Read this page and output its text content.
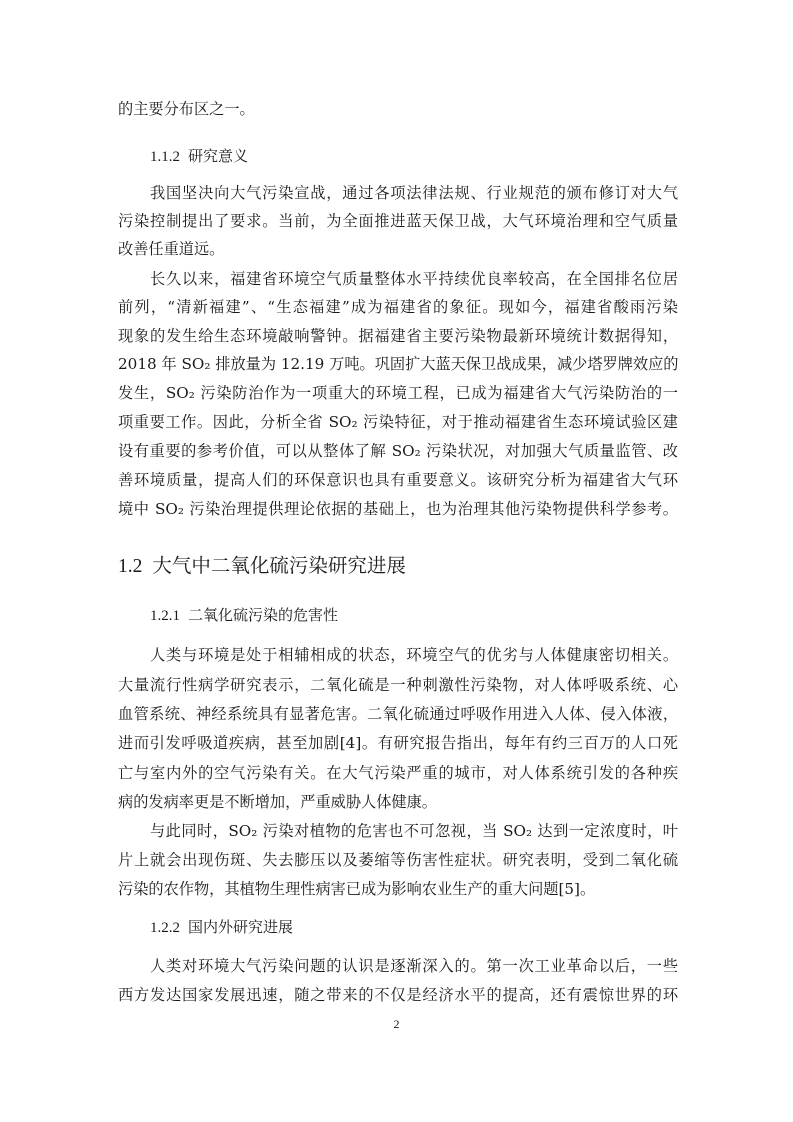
的主要分布区之一。
1.1.2 研究意义
我国坚决向大气污染宣战，通过各项法律法规、行业规范的颁布修订对大气
污染控制提出了要求。当前，为全面推进蓝天保卫战，大气环境治理和空气质量
改善任重道远。
长久以来，福建省环境空气质量整体水平持续优良率较高，在全国排名位居
前列，“清新福建”、“生态福建”成为福建省的象征。现如今，福建省酸雨污染
现象的发生给生态环境敲响警钟。据福建省主要污染物最新环境统计数据得知，
2018 年 SO₂ 排放量为 12.19 万吨。巩固扩大蓝天保卫战成果，减少塔罗牌效应的
发生，SO₂ 污染防治作为一项重大的环境工程，已成为福建省大气污染防治的一
项重要工作。因此，分析全省 SO₂ 污染特征，对于推动福建省生态环境试验区建
设有重要的参考价值，可以从整体了解 SO₂ 污染状况，对加强大气质量监管、改
善环境质量，提高人们的环保意识也具有重要意义。该研究分析为福建省大气环
境中 SO₂ 污染治理提供理论依据的基础上，也为治理其他污染物提供科学参考。
1.2 大气中二氧化硫污染研究进展
1.2.1 二氧化硫污染的危害性
人类与环境是处于相辅相成的状态，环境空气的优劣与人体健康密切相关。
大量流行性病学研究表示，二氧化硫是一种刺激性污染物，对人体呼吸系统、心
血管系统、神经系统具有显著危害。二氧化硫通过呼吸作用进入人体、侵入体液，
进而引发呼吸道疾病，甚至加剧[4]。有研究报告指出，每年有约三百万的人口死
亡与室内外的空气污染有关。在大气污染严重的城市，对人体系统引发的各种疾
病的发病率更是不断增加，严重威胁人体健康。
与此同时，SO₂ 污染对植物的危害也不可忽视，当 SO₂ 达到一定浓度时，叶
片上就会出现伤斑、失去膨压以及萎缩等伤害性症状。研究表明，受到二氧化硫
污染的农作物，其植物生理性病害已成为影响农业生产的重大问题[5]。
1.2.2 国内外研究进展
人类对环境大气污染问题的认识是逐渐深入的。第一次工业革命以后，一些
西方发达国家发展迅速，随之带来的不仅是经济水平的提高，还有震惊世界的环
2
